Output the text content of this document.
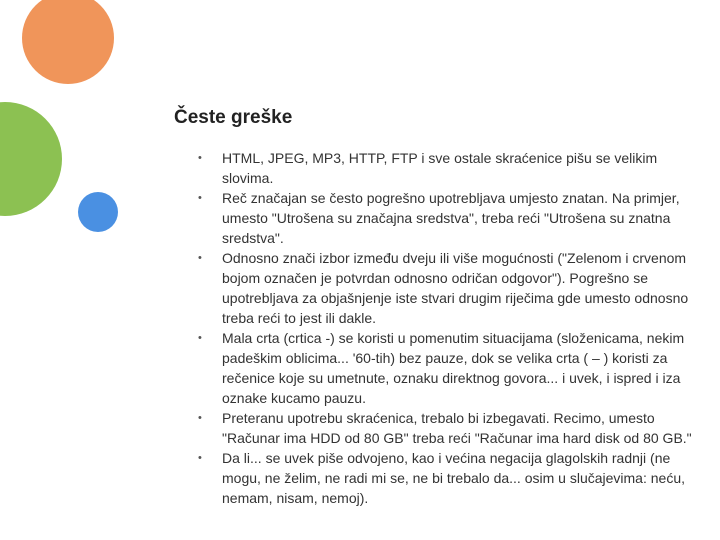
Česte greške
• HTML, JPEG, MP3, HTTP, FTP i sve ostale skraćenice pišu se velikim slovima.
• Reč značajan se često pogrešno upotrebljava umjesto znatan. Na primjer, umesto "Utrošena su značajna sredstva", treba reći "Utrošena su znatna sredstva".
• Odnosno znači izbor između dveju ili više mogućnosti ("Zelenom i crvenom bojom označen je potvrdan odnosno odričan odgovor"). Pogrešno se upotrebljava za objašnjenje iste stvari drugim riječima gde umesto odnosno treba reći to jest ili dakle.
• Mala crta (crtica -) se koristi u pomenutim situacijama (složenicama, nekim padeškim oblicima... '60-tih) bez pauze, dok se velika crta ( – ) koristi za rečenice koje su umetnute, oznaku direktnog govora... i uvek, i ispred i iza oznake kucamo pauzu.
• Preteranu upotrebu skraćenica, trebalo bi izbegavati. Recimo, umesto "Računar ima HDD od 80 GB" treba reći "Računar ima hard disk od 80 GB."
• Da li... se uvek piše odvojeno, kao i većina negacija glagolskih radnji (ne mogu, ne želim, ne radi mi se, ne bi trebalo da... osim u slučajevima: neću, nemam, nisam, nemoj).
